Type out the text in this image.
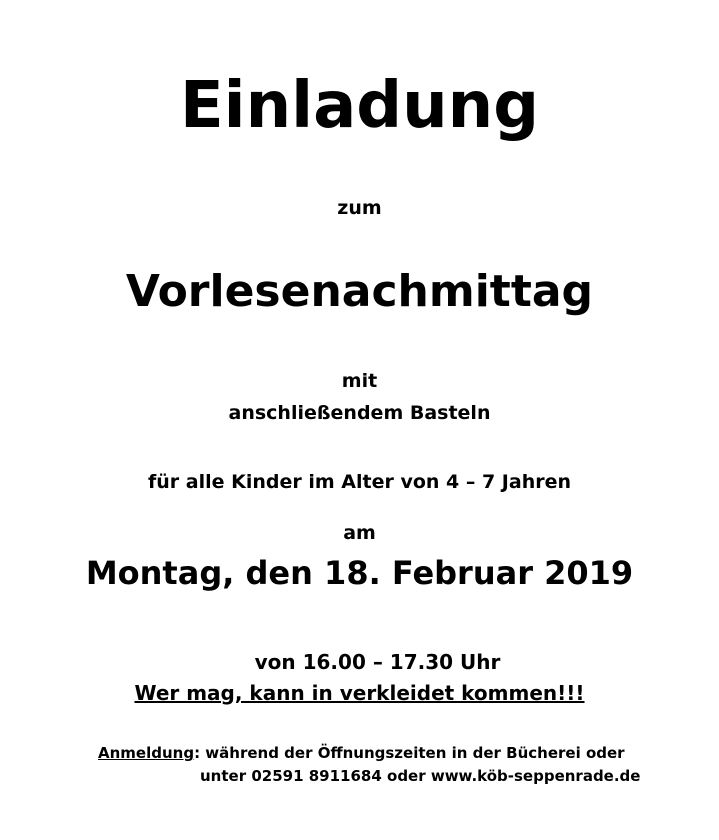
Einladung
zum
Vorlesenachmittag
mit
anschließendem Basteln
für alle Kinder im Alter von 4 – 7 Jahren
am
Montag, den 18. Februar 2019
von 16.00 – 17.30 Uhr
Wer mag, kann in verkleidet kommen!!!
Anmeldung: während der Öffnungszeiten in der Bücherei oder
unter 02591 8911684 oder www.köb-seppenrade.de
